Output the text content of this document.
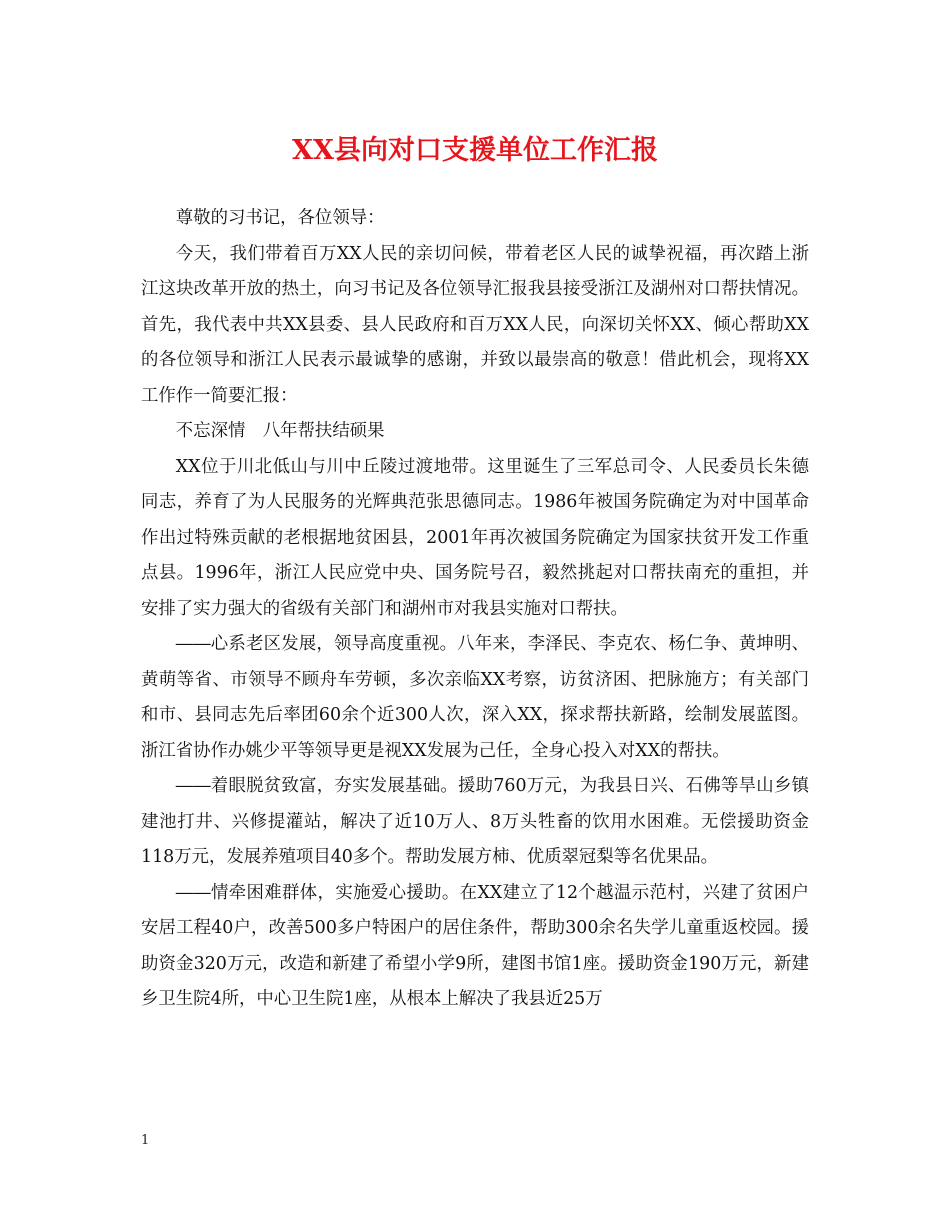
XX县向对口支援单位工作汇报

尊敬的习书记，各位领导：

今天，我们带着百万XX人民的亲切问候，带着老区人民的诚挚祝福，再次踏上浙江这块改革开放的热土，向习书记及各位领导汇报我县接受浙江及湖州对口帮扶情况。首先，我代表中共XX县委、县人民政府和百万XX人民，向深切关怀XX、倾心帮助XX的各位领导和浙江人民表示最诚挚的感谢，并致以最崇高的敬意！借此机会，现将XX工作作一简要汇报：

不忘深情　八年帮扶结硕果

XX位于川北低山与川中丘陵过渡地带。这里诞生了三军总司令、人民委员长朱德同志，养育了为人民服务的光辉典范张思德同志。1986年被国务院确定为对中国革命作出过特殊贡献的老根据地贫困县，2001年再次被国务院确定为国家扶贫开发工作重点县。1996年，浙江人民应党中央、国务院号召，毅然挑起对口帮扶南充的重担，并安排了实力强大的省级有关部门和湖州市对我县实施对口帮扶。

――心系老区发展，领导高度重视。八年来，李泽民、李克农、杨仁争、黄坤明、黄萌等省、市领导不顾舟车劳顿，多次亲临XX考察，访贫济困、把脉施方；有关部门和市、县同志先后率团60余个近300人次，深入XX，探求帮扶新路，绘制发展蓝图。浙江省协作办姚少平等领导更是视XX发展为己任，全身心投入对XX的帮扶。

――着眼脱贫致富，夯实发展基础。援助760万元，为我县日兴、石佛等旱山乡镇建池打井、兴修提灌站，解决了近10万人、8万头牲畜的饮用水困难。无偿援助资金118万元，发展养殖项目40多个。帮助发展方柿、优质翠冠梨等名优果品。

――情牵困难群体，实施爱心援助。在XX建立了12个越温示范村，兴建了贫困户安居工程40户，改善500多户特困户的居住条件，帮助300余名失学儿童重返校园。援助资金320万元，改造和新建了希望小学9所，建图书馆1座。援助资金190万元，新建乡卫生院4所，中心卫生院1座，从根本上解决了我县近25万

1
